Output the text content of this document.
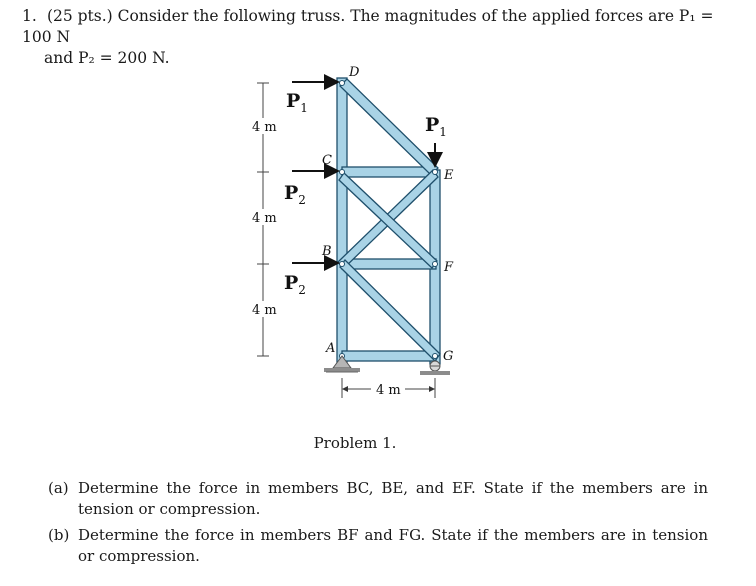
1. (25 pts.) Consider the following truss. The magnitudes of the applied forces are P₁ = 100 N
and P₂ = 200 N.
D
C
E
B
F
A
G
$P_1$
$P_1$
$P_2$
$P_2$
4 m
4 m
4 m
4 m
Problem 1.
(a) Determine the force in members BC, BE, and EF. State if the members are in tension or compression.
(b) Determine the force in members BF and FG. State if the members are in tension or compression.
